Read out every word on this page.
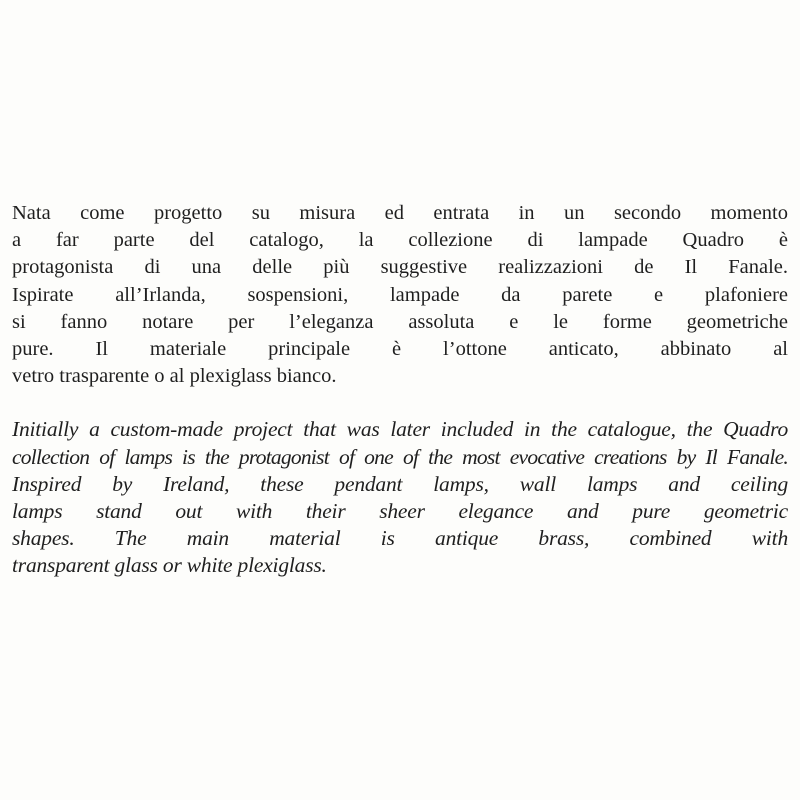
Nata come progetto su misura ed entrata in un secondo momento
a far parte del catalogo, la collezione di lampade Quadro è
protagonista di una delle più suggestive realizzazioni de Il Fanale.
Ispirate all’Irlanda, sospensioni, lampade da parete e plafoniere
si fanno notare per l’eleganza assoluta e le forme geometriche
pure. Il materiale principale è l’ottone anticato, abbinato al
vetro trasparente o al plexiglass bianco.

Initially a custom-made project that was later included in the catalogue, the Quadro
collection of lamps is the protagonist of one of the most evocative creations by Il Fanale.
Inspired by Ireland, these pendant lamps, wall lamps and ceiling
lamps stand out with their sheer elegance and pure geometric
shapes. The main material is antique brass, combined with
transparent glass or white plexiglass.
